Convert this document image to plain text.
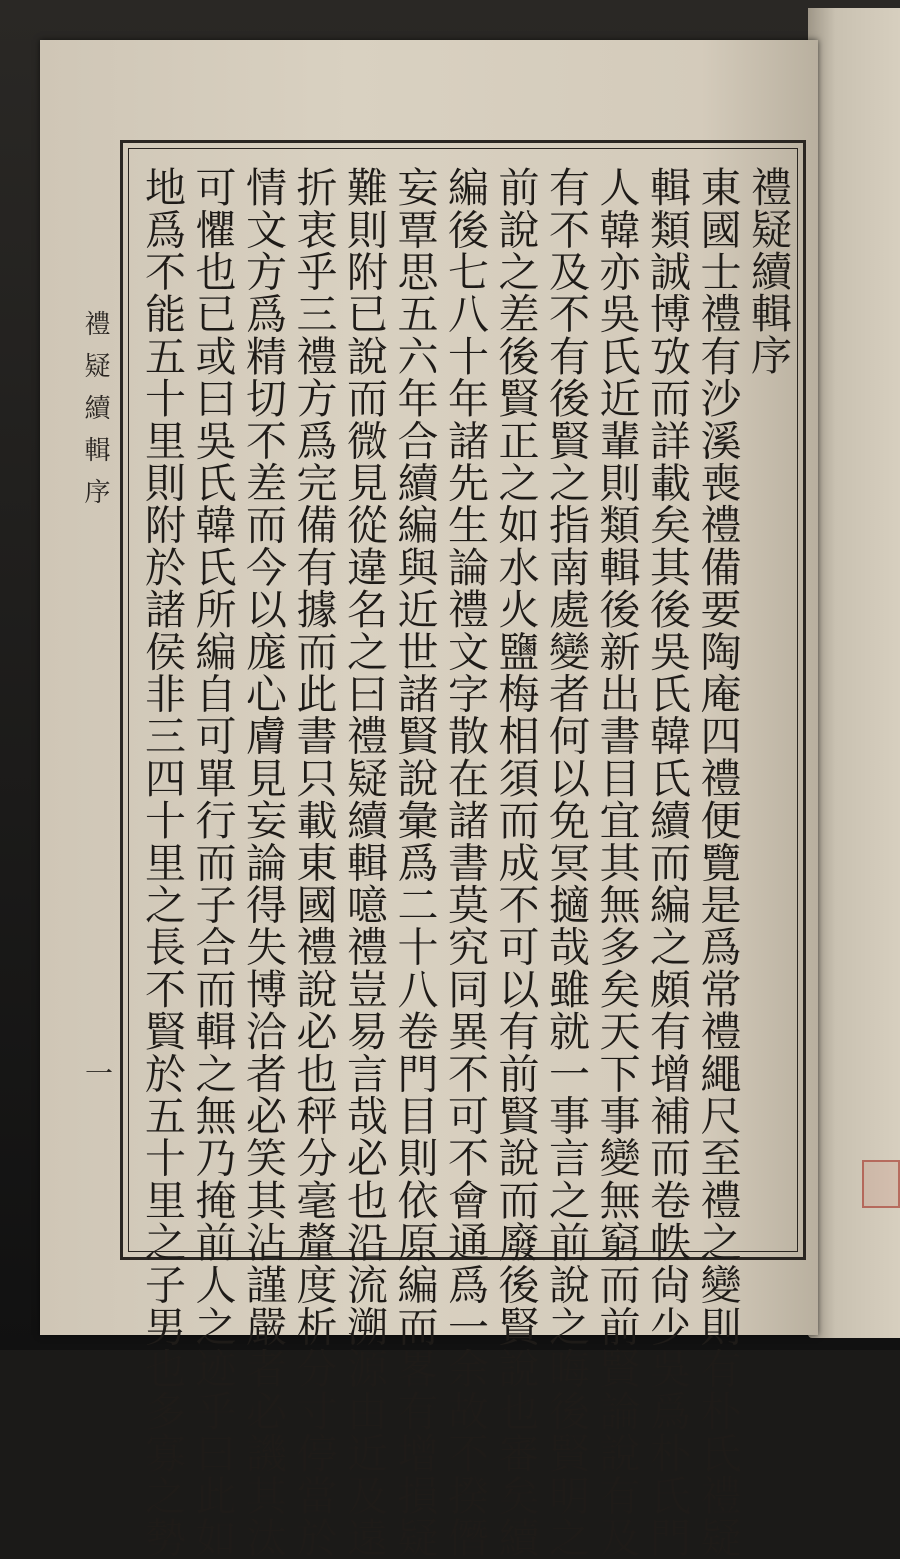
禮疑續輯序
一
禮疑續輯序
東國士禮有沙溪喪禮備要陶庵四禮便覽是爲常禮繩尺至禮之變則有朴氏禮疑
輯類誠博攷而詳載矣其後吳氏韓氏續而編之頗有增補而卷帙尙少吳爲朴氏門
人韓亦吳氏近輩則類輯後新出書目宜其無多矣天下事變無窮而前賢論說有及
有不及不有後賢之指南處變者何以免冥擿哉雖就一事言之前說之晦後賢明之
前說之差後賢正之如水火鹽梅相須而成不可以有前賢說而廢後賢說也審矣續
編後七八十年諸先生論禮文字散在諸書莫究同異不可不會通爲一余故不揆僭
妄覃思五六年合續編與近世諸賢說彙爲二十八卷門目則依原編而畧有增損疑
難則附已說而微見從違名之曰禮疑續輯噫禮豈易言哉必也沿流溯源由近及遠
折衷乎三禮方爲完備有據而此書只載東國禮說必也秤分毫釐度析分寸停當於
情文方爲精切不差而今以庬心膚見妄論得失博洽者必笑其沾謹嚴者必譏其汰
可懼也已或曰吳氏韓氏所編自可單行而子合而輯之無乃掩前人之迹乎曰此如
地爲不能五十里則附於諸侯非三四十里之長不賢於五十里之子男也多寡之勢
